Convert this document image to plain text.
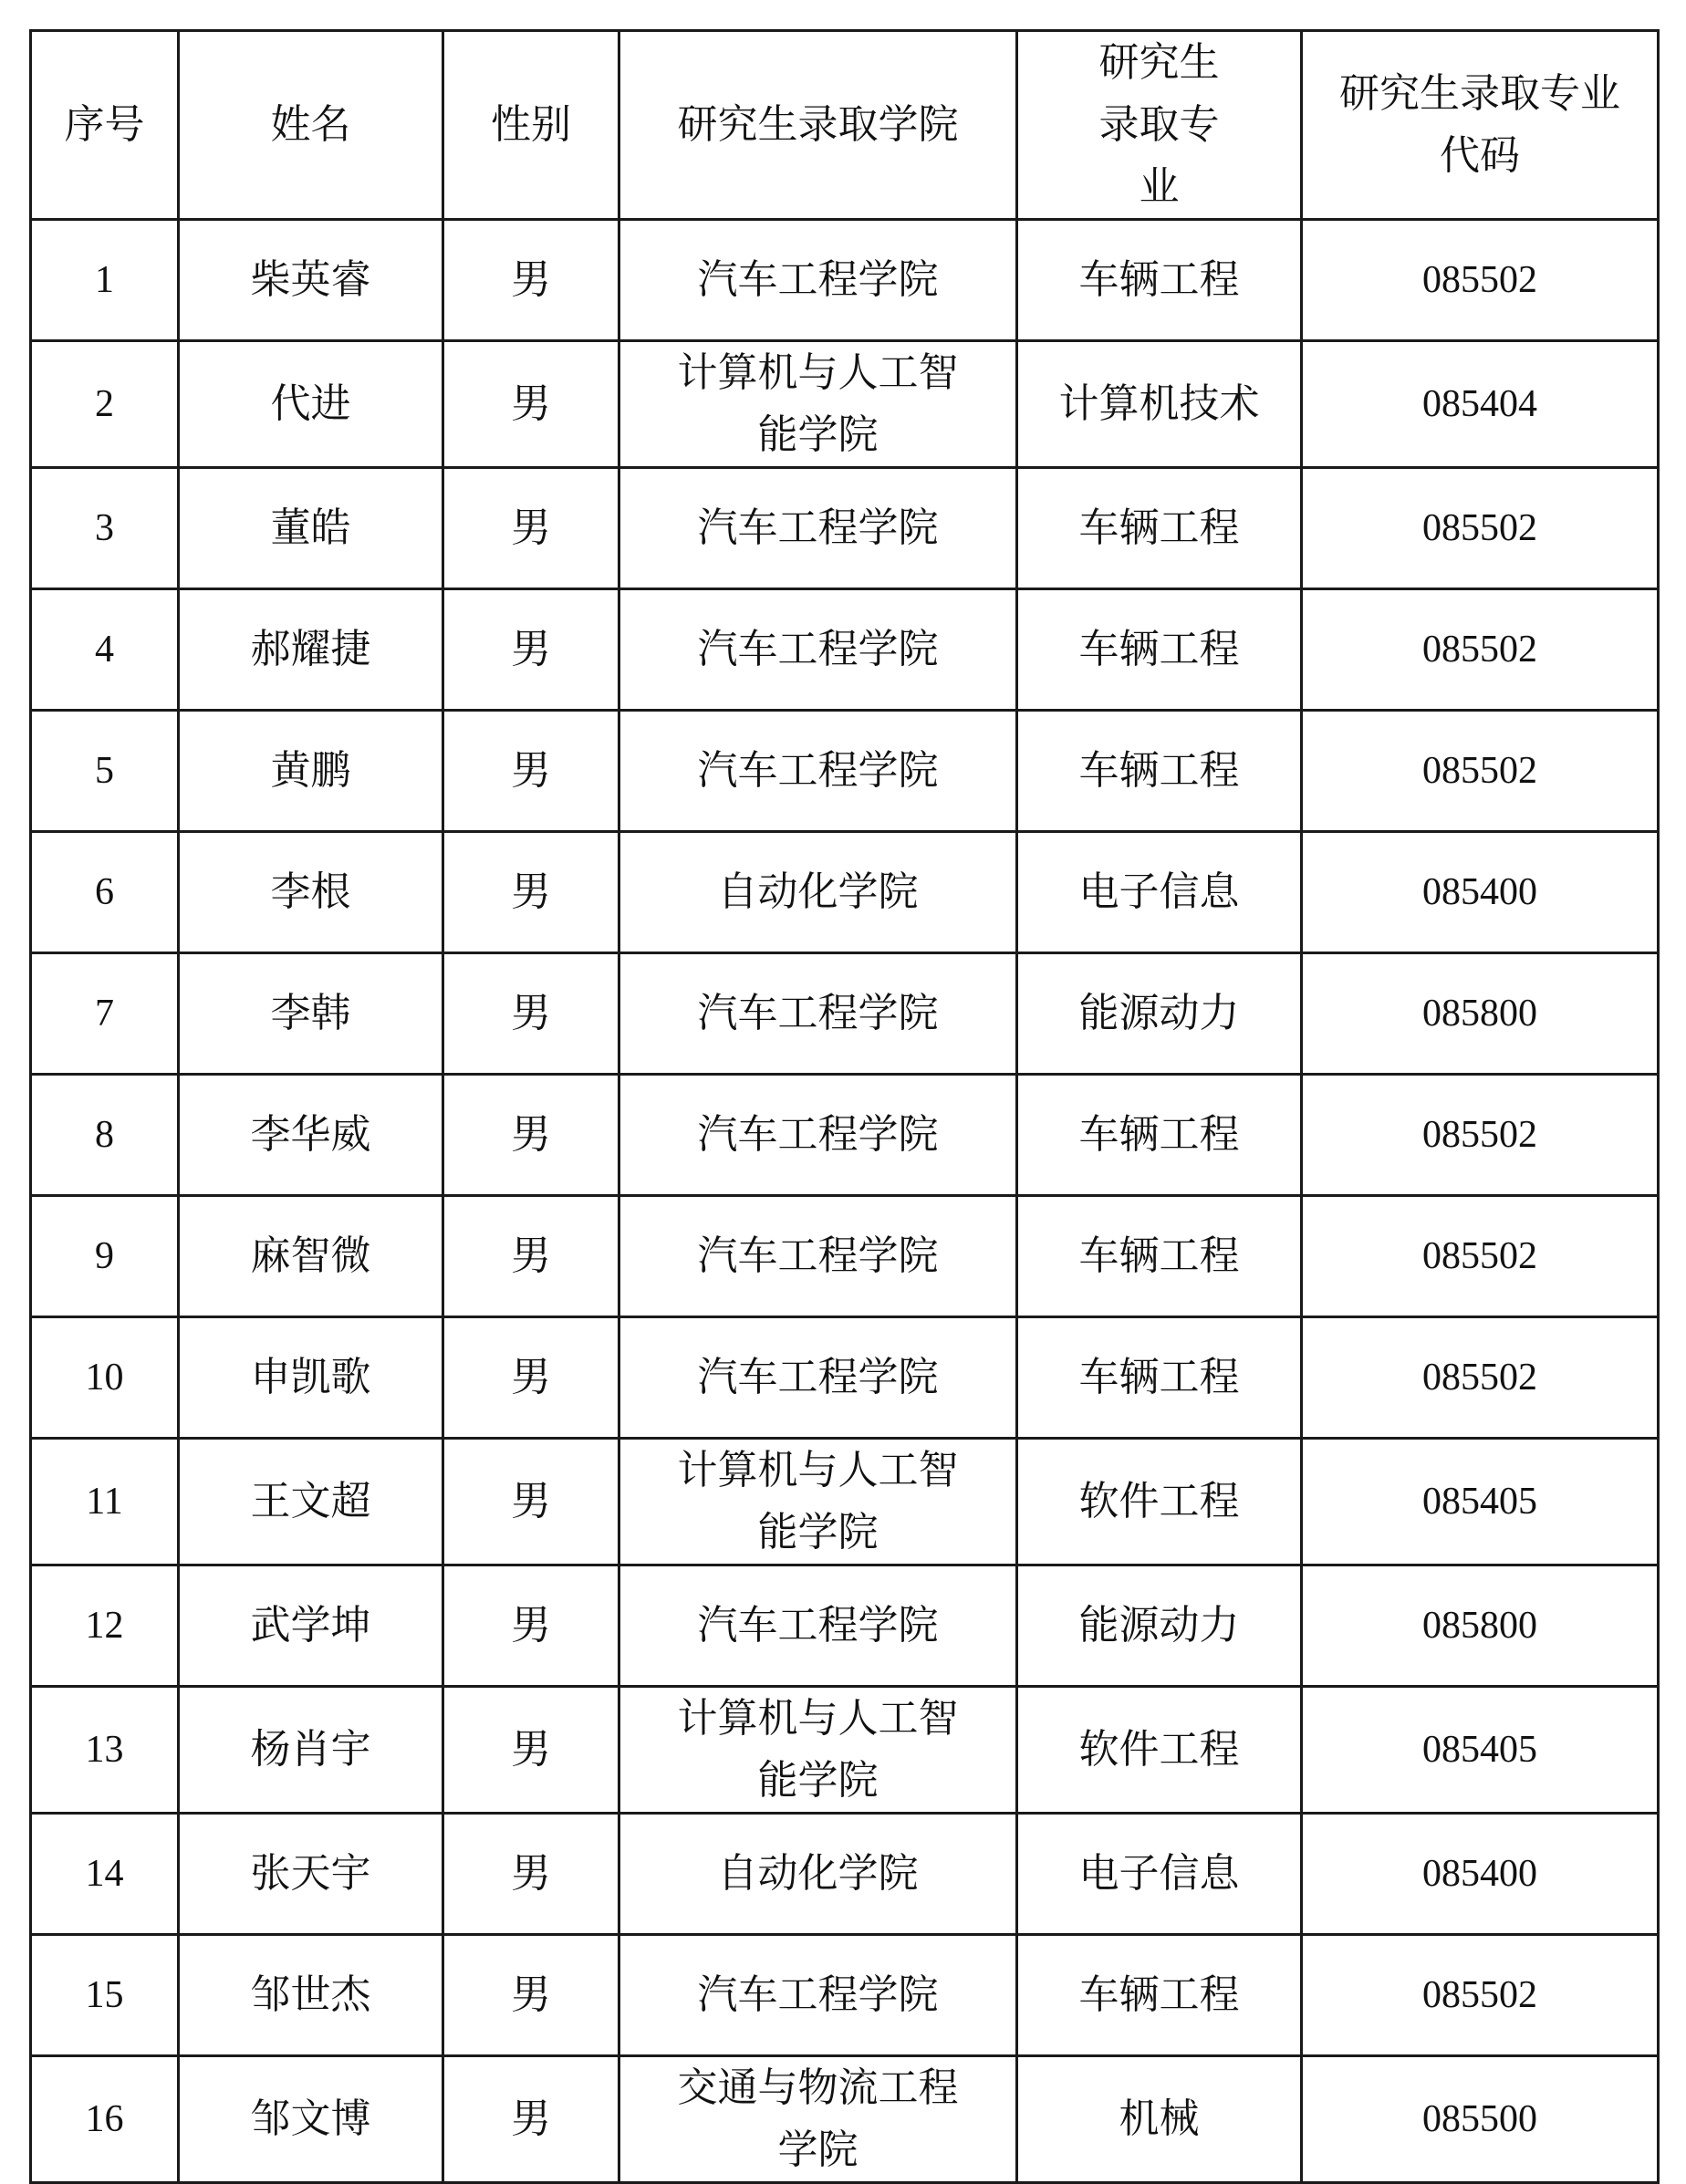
序号	姓名	性别	研究生录取学院	研究生录取专业	研究生录取专业代码
1	柴英睿	男	汽车工程学院	车辆工程	085502
2	代进	男	计算机与人工智能学院	计算机技术	085404
3	董皓	男	汽车工程学院	车辆工程	085502
4	郝耀捷	男	汽车工程学院	车辆工程	085502
5	黄鹏	男	汽车工程学院	车辆工程	085502
6	李根	男	自动化学院	电子信息	085400
7	李韩	男	汽车工程学院	能源动力	085800
8	李华威	男	汽车工程学院	车辆工程	085502
9	麻智微	男	汽车工程学院	车辆工程	085502
10	申凯歌	男	汽车工程学院	车辆工程	085502
11	王文超	男	计算机与人工智能学院	软件工程	085405
12	武学坤	男	汽车工程学院	能源动力	085800
13	杨肖宇	男	计算机与人工智能学院	软件工程	085405
14	张天宇	男	自动化学院	电子信息	085400
15	邹世杰	男	汽车工程学院	车辆工程	085502
16	邹文博	男	交通与物流工程学院	机械	085500
